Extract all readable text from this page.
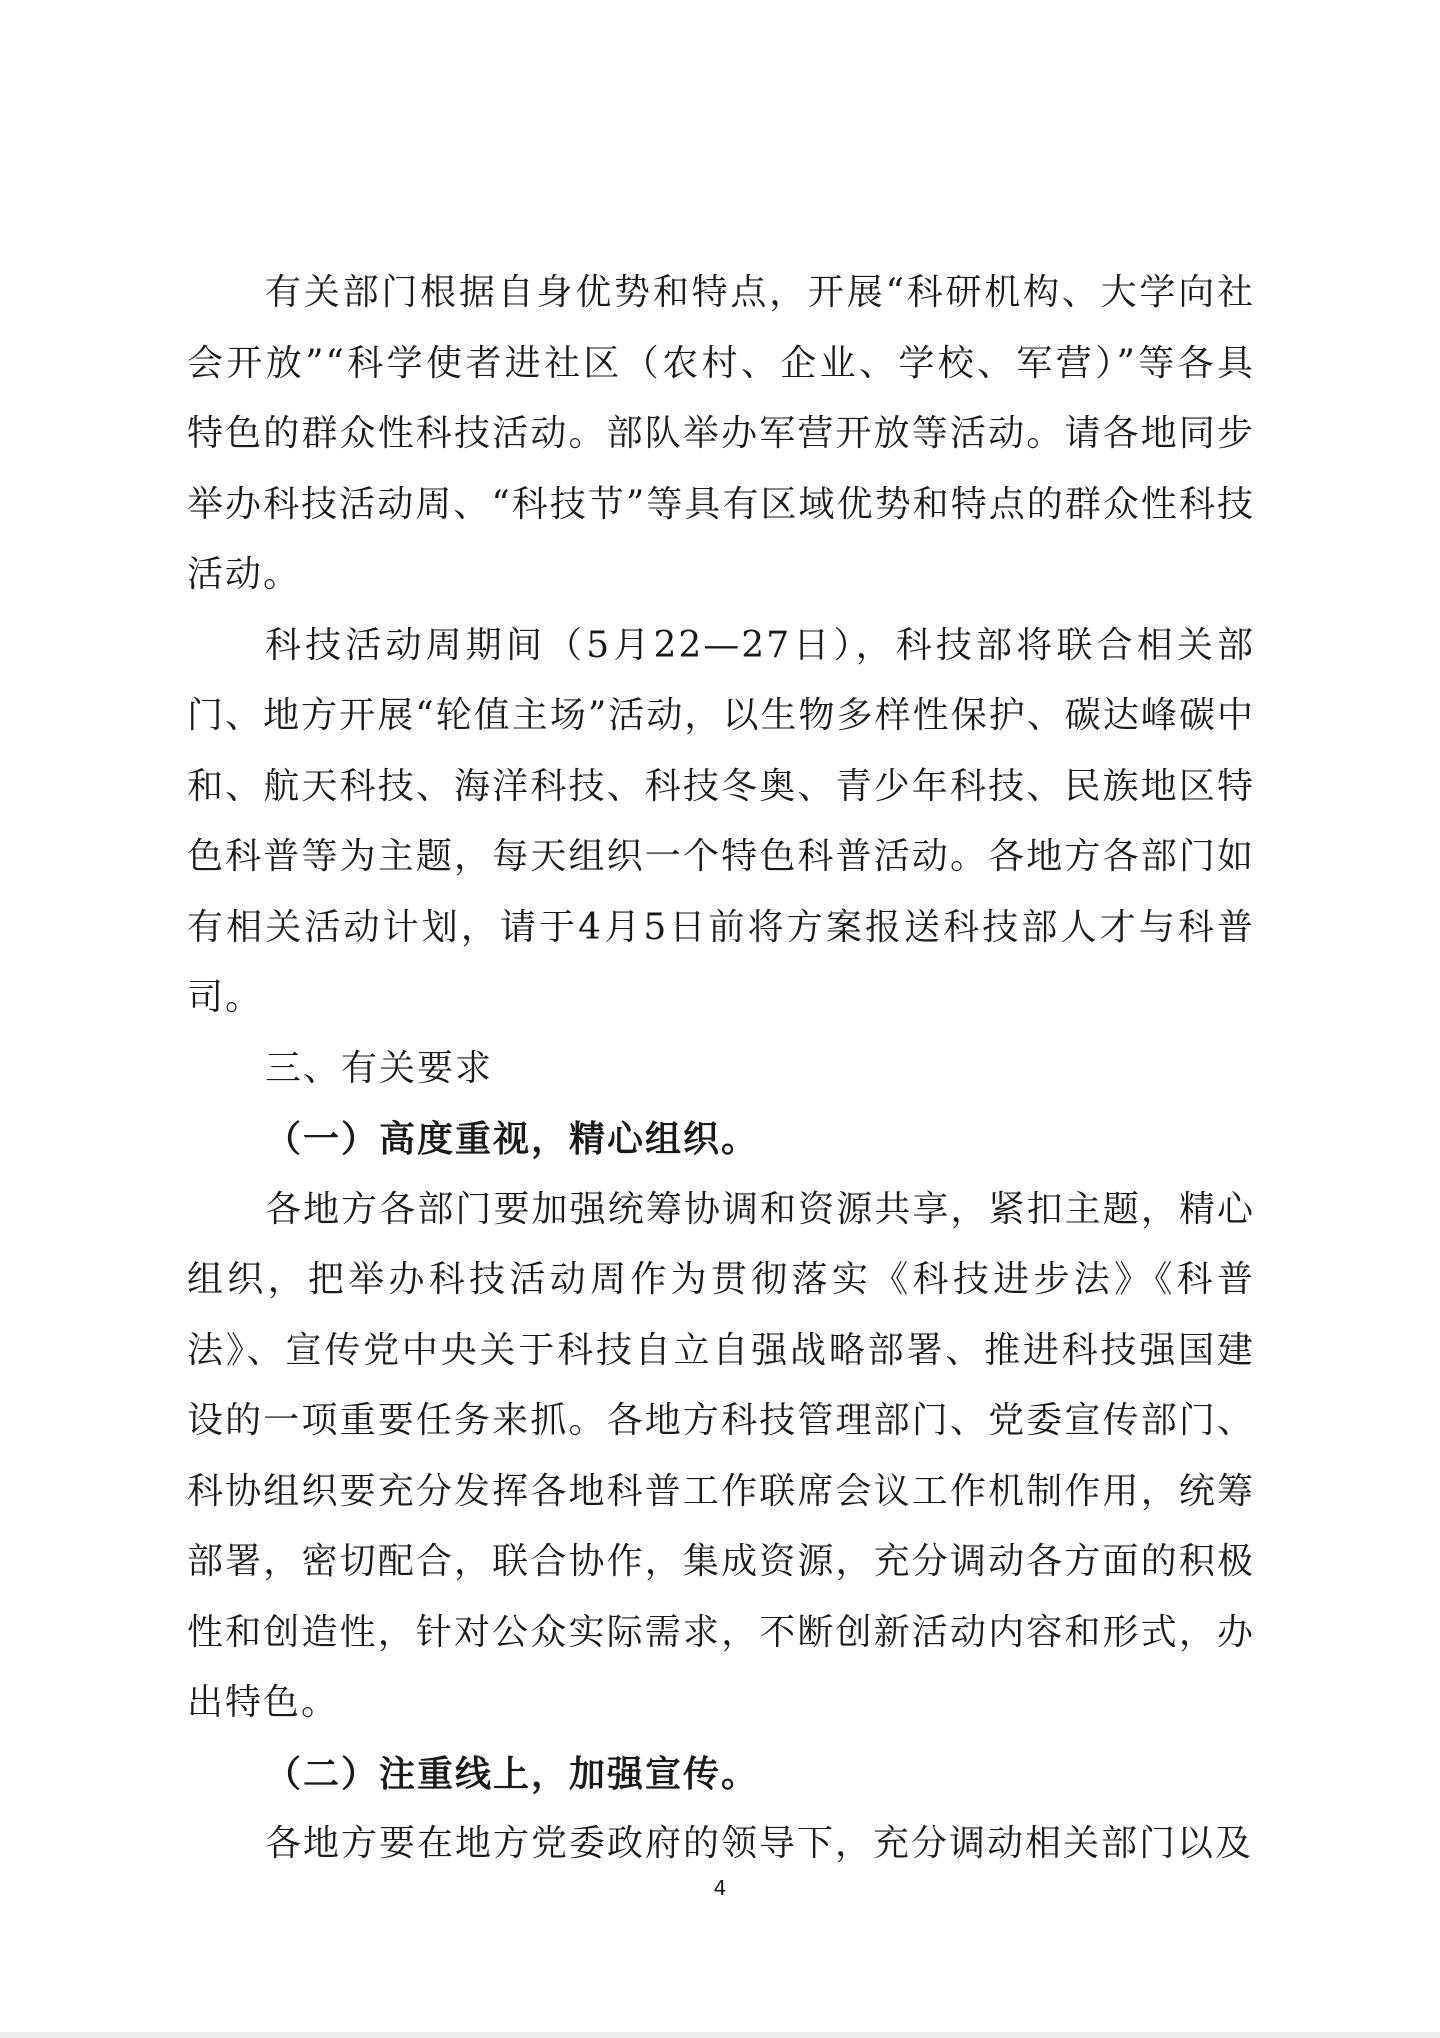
有关部门根据自身优势和特点，开展“科研机构、大学向社会开放”“科学使者进社区（农村、企业、学校、军营）”等各具特色的群众性科技活动。部队举办军营开放等活动。请各地同步举办科技活动周、“科技节”等具有区域优势和特点的群众性科技活动。

科技活动周期间（5月22—27日），科技部将联合相关部门、地方开展“轮值主场”活动，以生物多样性保护、碳达峰碳中和、航天科技、海洋科技、科技冬奥、青少年科技、民族地区特色科普等为主题，每天组织一个特色科普活动。各地方各部门如有相关活动计划，请于4月5日前将方案报送科技部人才与科普司。

三、有关要求

（一）高度重视，精心组织。

各地方各部门要加强统筹协调和资源共享，紧扣主题，精心组织，把举办科技活动周作为贯彻落实《科技进步法》《科普法》、宣传党中央关于科技自立自强战略部署、推进科技强国建设的一项重要任务来抓。各地方科技管理部门、党委宣传部门、科协组织要充分发挥各地科普工作联席会议工作机制作用，统筹部署，密切配合，联合协作，集成资源，充分调动各方面的积极性和创造性，针对公众实际需求，不断创新活动内容和形式，办出特色。

（二）注重线上，加强宣传。

各地方要在地方党委政府的领导下，充分调动相关部门以及

4
